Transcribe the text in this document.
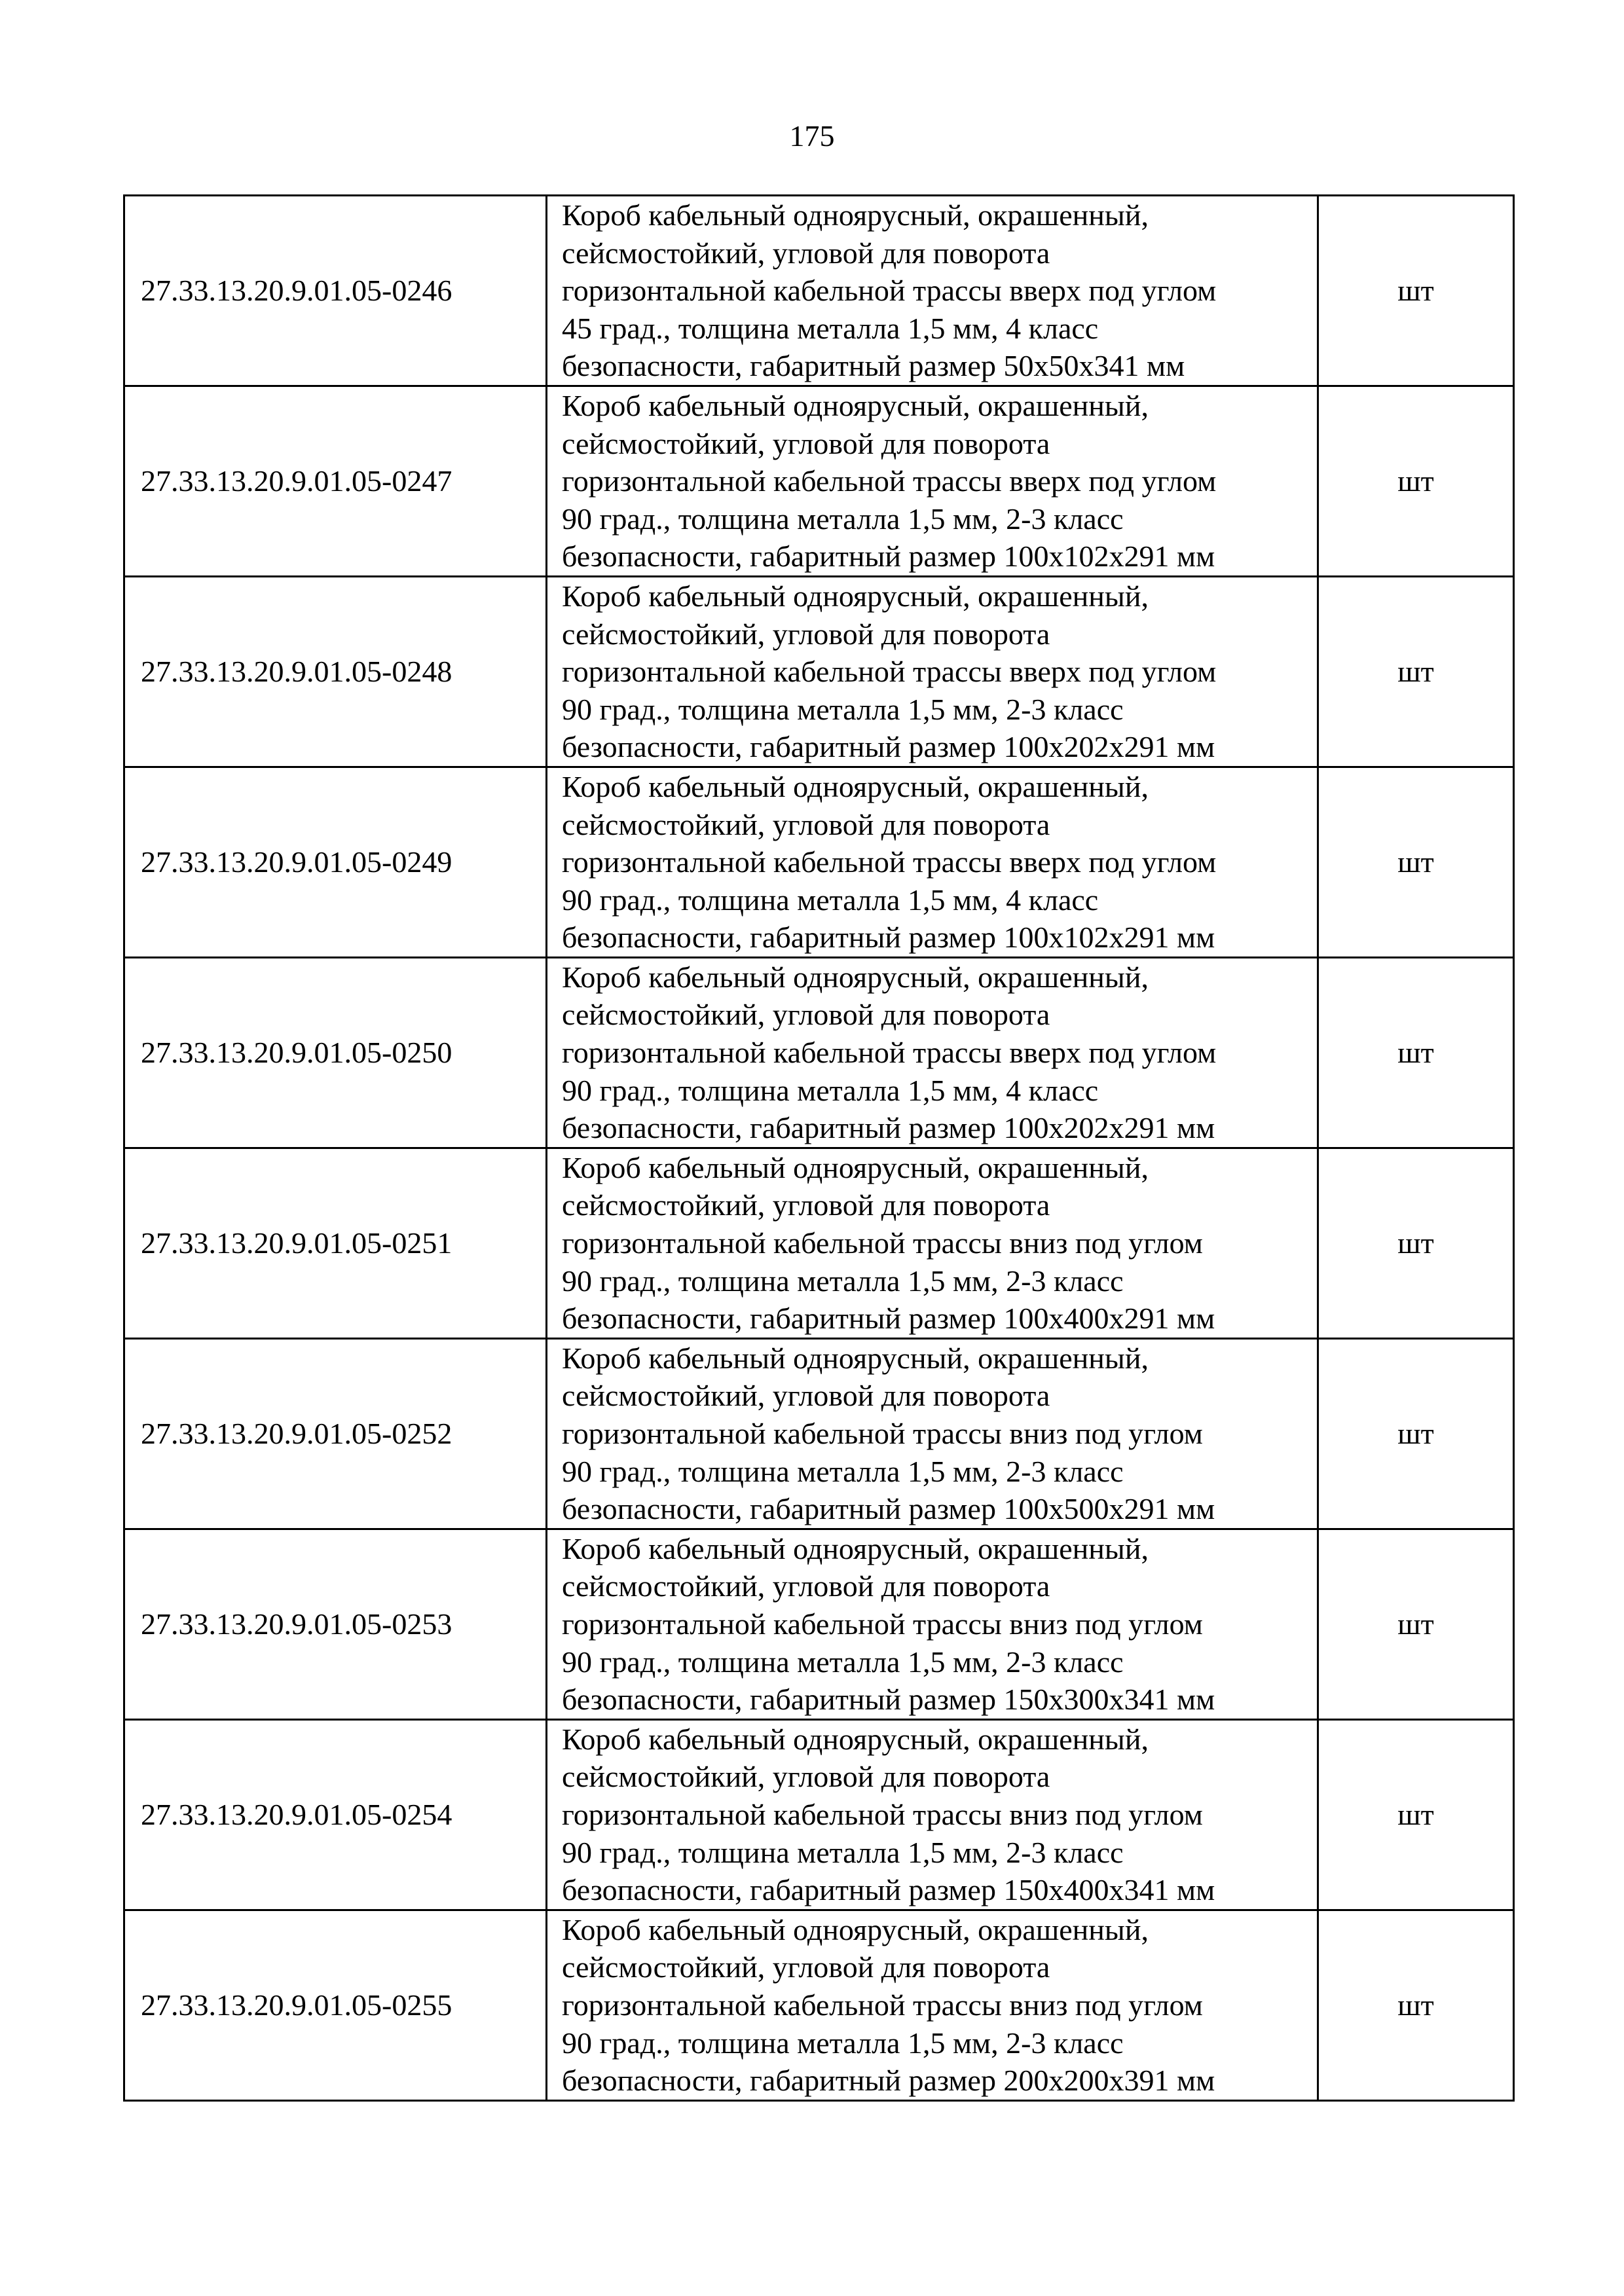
175
27.33.13.20.9.01.05-0246	Короб кабельный одноярусный, окрашенный,
сейсмостойкий, угловой для поворота
горизонтальной кабельной трассы вверх под углом
45 град., толщина металла 1,5 мм, 4 класс
безопасности, габаритный размер 50х50х341 мм	шт
27.33.13.20.9.01.05-0247	Короб кабельный одноярусный, окрашенный,
сейсмостойкий, угловой для поворота
горизонтальной кабельной трассы вверх под углом
90 град., толщина металла 1,5 мм, 2-3 класс
безопасности, габаритный размер 100х102х291 мм	шт
27.33.13.20.9.01.05-0248	Короб кабельный одноярусный, окрашенный,
сейсмостойкий, угловой для поворота
горизонтальной кабельной трассы вверх под углом
90 град., толщина металла 1,5 мм, 2-3 класс
безопасности, габаритный размер 100х202х291 мм	шт
27.33.13.20.9.01.05-0249	Короб кабельный одноярусный, окрашенный,
сейсмостойкий, угловой для поворота
горизонтальной кабельной трассы вверх под углом
90 град., толщина металла 1,5 мм, 4 класс
безопасности, габаритный размер 100х102х291 мм	шт
27.33.13.20.9.01.05-0250	Короб кабельный одноярусный, окрашенный,
сейсмостойкий, угловой для поворота
горизонтальной кабельной трассы вверх под углом
90 град., толщина металла 1,5 мм, 4 класс
безопасности, габаритный размер 100х202х291 мм	шт
27.33.13.20.9.01.05-0251	Короб кабельный одноярусный, окрашенный,
сейсмостойкий, угловой для поворота
горизонтальной кабельной трассы вниз под углом
90 град., толщина металла 1,5 мм, 2-3 класс
безопасности, габаритный размер 100х400х291 мм	шт
27.33.13.20.9.01.05-0252	Короб кабельный одноярусный, окрашенный,
сейсмостойкий, угловой для поворота
горизонтальной кабельной трассы вниз под углом
90 град., толщина металла 1,5 мм, 2-3 класс
безопасности, габаритный размер 100х500х291 мм	шт
27.33.13.20.9.01.05-0253	Короб кабельный одноярусный, окрашенный,
сейсмостойкий, угловой для поворота
горизонтальной кабельной трассы вниз под углом
90 град., толщина металла 1,5 мм, 2-3 класс
безопасности, габаритный размер 150х300х341 мм	шт
27.33.13.20.9.01.05-0254	Короб кабельный одноярусный, окрашенный,
сейсмостойкий, угловой для поворота
горизонтальной кабельной трассы вниз под углом
90 град., толщина металла 1,5 мм, 2-3 класс
безопасности, габаритный размер 150х400х341 мм	шт
27.33.13.20.9.01.05-0255	Короб кабельный одноярусный, окрашенный,
сейсмостойкий, угловой для поворота
горизонтальной кабельной трассы вниз под углом
90 град., толщина металла 1,5 мм, 2-3 класс
безопасности, габаритный размер 200х200х391 мм	шт
